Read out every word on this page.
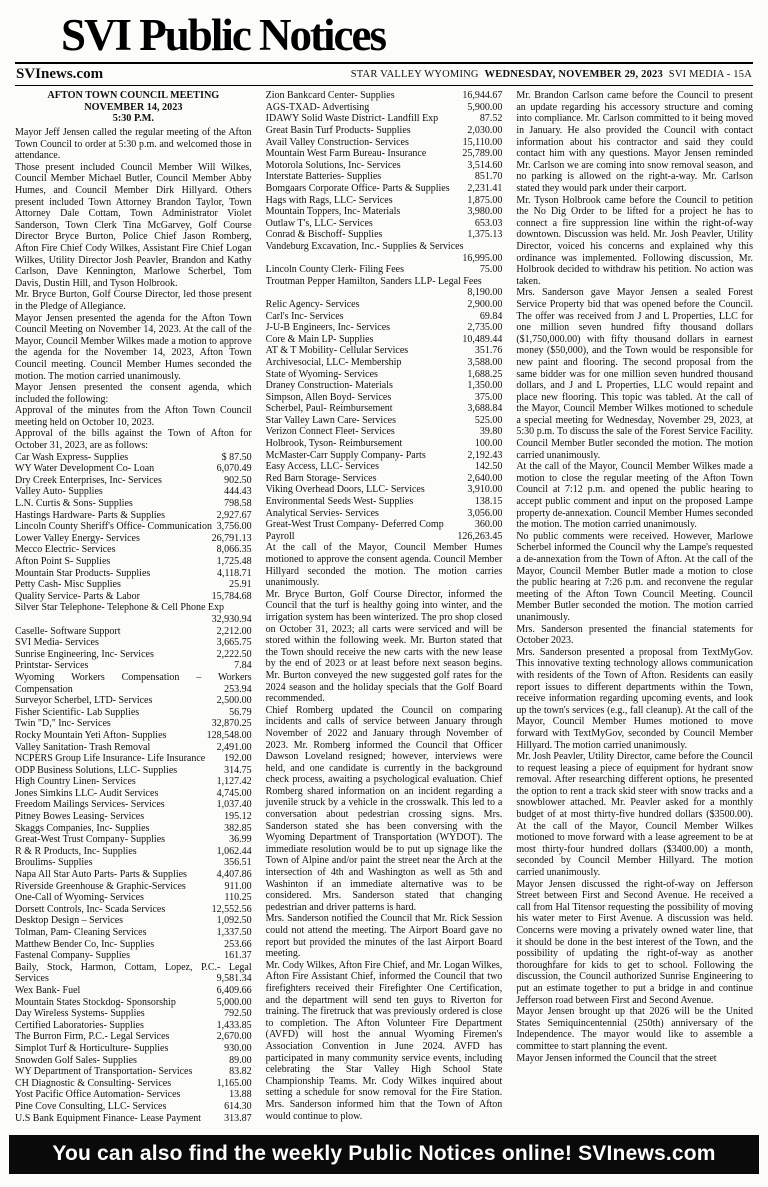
SVI Public Notices
SVInews.com	STAR VALLEY WYOMING WEDNESDAY, NOVEMBER 29, 2023 SVI MEDIA - 15A
AFTON TOWN COUNCIL MEETING
NOVEMBER 14, 2023
5:30 P.M.

Mayor Jeff Jensen called the regular meeting of the Afton Town Council to order at 5:30 p.m. and welcomed those in attendance.

Those present included Council Member Will Wilkes, Council Member Michael Butler, Council Member Abby Humes, and Council Member Dirk Hillyard. Others present included Town Attorney Brandon Taylor, Town Attorney Dale Cottam, Town Administrator Violet Sanderson, Town Clerk Tina McGarvey, Golf Course Director Bryce Burton, Police Chief Jason Romberg, Afton Fire Chief Cody Wilkes, Assistant Fire Chief Logan Wilkes, Utility Director Josh Peavler, Brandon and Kathy Carlson, Dave Kennington, Marlowe Scherbel, Tom Davis, Dustin Hill, and Tyson Holbrook.

Mr. Bryce Burton, Golf Course Director, led those present in the Pledge of Allegiance.

Mayor Jensen presented the agenda for the Afton Town Council Meeting on November 14, 2023. At the call of the Mayor, Council Member Wilkes made a motion to approve the agenda for the November 14, 2023, Afton Town Council meeting. Council Member Humes seconded the motion. The motion carried unanimously.

Mayor Jensen presented the consent agenda, which included the following:

Approval of the minutes from the Afton Town Council meeting held on October 10, 2023.

Approval of the bills against the Town of Afton for October 31, 2023, are as follows:

Car Wash Express- Supplies	$ 87.50
WY Water Development Co- Loan	6,070.49
Dry Creek Enterprises, Inc- Services	902.50
Valley Auto- Supplies	444.43
L.N. Curtis & Sons- Supplies	798.58
Hastings Hardware- Parts & Supplies	2,927.67
Lincoln County Sheriff's Office- Communication 3,756.00
Lower Valley Energy- Services	26,791.13
Mecco Electric- Services	8,066.35
Afton Point S- Supplies	1,725.48
Mountain Star Products- Supplies	4,118.71
Petty Cash- Misc Supplies	25.91
Quality Service- Parts & Labor	15,784.68
Silver Star Telephone- Telephone & Cell Phone Exp
32,930.94
Caselle- Software Support	2,212.00
SVI Media- Services	3,665.75
Sunrise Engineering, Inc- Services	2,222.50
Printstar- Services	7.84
Wyoming Workers Compensation – Workers Compensation	253.94
Surveyor Scherbel, LTD- Services	2,500.00
Fisher Scientific- Lab Supplies	56.79
Twin "D," Inc- Services	32,870.25
Rocky Mountain Yeti Afton- Supplies	128,548.00
Valley Sanitation- Trash Removal	2,491.00
NCPERS Group Life Insurance- Life Insurance 192.00
ODP Business Solutions, LLC- Supplies	314.75
High Country Linen- Services	1,127.42
Jones Simkins LLC- Audit Services	4,745.00
Freedom Mailings Services- Services	1,037.40
Pitney Bowes Leasing- Services	195.12
Skaggs Companies, Inc- Supplies	382.85
Great-West Trust Company- Supplies	36.99
R & R Products, Inc- Supplies	1,062.44
Broulims- Supplies	356.51
Napa All Star Auto Parts- Parts & Supplies	4,407.86
Riverside Greenhouse & Graphic-Services	911.00
One-Call of Wyoming- Services	110.25
Dorsett Controls, Inc- Scada Services	12,552.56
Desktop Design – Services	1,092.50
Tolman, Pam- Cleaning Services	1,337.50
Matthew Bender Co, Inc- Supplies	253.66
Fastenal Company- Supplies	161.37
Baily, Stock, Harmon, Cottam, Lopez, P.C.- Legal Services	9,581.34
Wex Bank- Fuel	6,409.66
Mountain States Stockdog- Sponsorship	5,000.00
Day Wireless Systems- Supplies	792.50
Certified Laboratories- Supplies	1,433.85
The Burron Firm, P.C.- Legal Services	2,670.00
Simplot Turf & Horticulture- Supplies	930.00
Snowden Golf Sales- Supplies	89.00
WY Department of Transportation- Services	83.82
CH Diagnostic & Consulting- Services	1,165.00
Yost Pacific Office Automation- Services	13.88
Pine Cove Consulting, LLC- Services	614.30
U.S Bank Equipment Finance- Lease Payment 313.87
Zion Bankcard Center- Supplies	16,944.67
AGS-TXAD- Advertising	5,900.00
IDAWY Solid Waste District- Landfill Exp	87.52
Great Basin Turf Products- Supplies	2,030.00
Avail Valley Construction- Services	15,110.00
Mountain West Farm Bureau- Insurance	25,789.00
Motorola Solutions, Inc- Services	3,514.60
Interstate Batteries- Supplies	851.70
Bomgaars Corporate Office- Parts & Supplies 2,231.41
Hags with Rags, LLC- Services	1,875.00
Mountain Toppers, Inc- Materials	3,980.00
Outlaw T's, LLC- Services	653.03
Conrad & Bischoff- Supplies	1,375.13
Vandeburg Excavation, Inc.- Supplies & Services
16,995.00
Lincoln County Clerk- Filing Fees	75.00
Troutman Pepper Hamilton, Sanders LLP- Legal Fees
8,190.00
Relic Agency- Services	2,900.00
Carl's Inc- Services	69.84
J-U-B Engineers, Inc- Services	2,735.00
Core & Main LP- Supplies	10,489.44
AT & T Mobility- Cellular Services	351.76
Archivesocial, LLC- Membership	3,588.00
State of Wyoming- Services	1,688.25
Draney Construction- Materials	1,350.00
Simpson, Allen Boyd- Services	375.00
Scherbel, Paul- Reimbursement	3,688.84
Star Valley Lawn Care- Services	525.00
Verizon Connect Fleet- Services	39.80
Holbrook, Tyson- Reimbursement	100.00
McMaster-Carr Supply Company- Parts	2,192.43
Easy Access, LLC- Services	142.50
Red Barn Storage- Services	2,640.00
Viking Overhead Doors, LLC- Services	3,910.00
Environmental Seeds West- Supplies	138.15
Analytical Servies- Services	3,056.00
Great-West Trust Company- Deferred Comp	360.00
Payroll	126,263.45

At the call of the Mayor, Council Member Humes motioned to approve the consent agenda. Council Member Hillyard seconded the motion. The motion carries unanimously.

Mr. Bryce Burton, Golf Course Director, informed the Council that the turf is healthy going into winter, and the irrigation system has been winterized. The pro shop closed on October 31, 2023; all carts were serviced and will be stored within the following week. Mr. Burton stated that the Town should receive the new carts with the new lease by the end of 2023 or at least before next season begins. Mr. Burton conveyed the new suggested golf rates for the 2024 season and the holiday specials that the Golf Board recommended.

Chief Romberg updated the Council on comparing incidents and calls of service between January through November of 2022 and January through November of 2023. Mr. Romberg informed the Council that Officer Dawson Loveland resigned; however, interviews were held, and one candidate is currently in the background check process, awaiting a psychological evaluation. Chief Romberg shared information on an incident regarding a juvenile struck by a vehicle in the crosswalk. This led to a conversation about pedestrian crossing signs. Mrs. Sanderson stated she has been conversing with the Wyoming Department of Transportation (WYDOT). The immediate resolution would be to put up signage like the Town of Alpine and/or paint the street near the Arch at the intersection of 4th and Washington as well as 5th and Washinton if an immediate alternative was to be considered. Mrs. Sanderson stated that changing pedestrian and driver patterns is hard.

Mrs. Sanderson notified the Council that Mr. Rick Session could not attend the meeting. The Airport Board gave no report but provided the minutes of the last Airport Board meeting.

Mr. Cody Wilkes, Afton Fire Chief, and Mr. Logan Wilkes, Afton Fire Assistant Chief, informed the Council that two firefighters received their Firefighter One Certification, and the department will send ten guys to Riverton for training. The firetruck that was previously ordered is close to completion. The Afton Volunteer Fire Department (AVFD) will host the annual Wyoming Firemen's Association Convention in June 2024. AVFD has participated in many community service events, including celebrating the Star Valley High School State Championship Teams. Mr. Cody Wilkes inquired about setting a schedule for snow removal for the Fire Station. Mrs. Sanderson informed him that the Town of Afton would continue to plow.

Mr. Brandon Carlson came before the Council to present an update regarding his accessory structure and coming into compliance. Mr. Carlson committed to it being moved in January. He also provided the Council with contact information about his contractor and said they could contact him with any questions. Mayor Jensen reminded Mr. Carlson we are coming into snow removal season, and no parking is allowed on the right-a-way. Mr. Carlson stated they would park under their carport.

Mr. Tyson Holbrook came before the Council to petition the No Dig Order to be lifted for a project he has to connect a fire suppression line within the right-of-way downtown. Discussion was held. Mr. Josh Peavler, Utility Director, voiced his concerns and explained why this ordinance was implemented. Following discussion, Mr. Holbrook decided to withdraw his petition. No action was taken.

Mrs. Sanderson gave Mayor Jensen a sealed Forest Service Property bid that was opened before the Council. The offer was received from J and L Properties, LLC for one million seven hundred fifty thousand dollars ($1,750,000.00) with fifty thousand dollars in earnest money ($50,000), and the Town would be responsible for new paint and flooring. The second proposal from the same bidder was for one million seven hundred thousand dollars, and J and L Properties, LLC would repaint and place new flooring. This topic was tabled. At the call of the Mayor, Council Member Wilkes motioned to schedule a special meeting for Wednesday, November 29, 2023, at 5:30 p.m. To discuss the sale of the Forest Service Facility. Council Member Butler seconded the motion. The motion carried unanimously.

At the call of the Mayor, Council Member Wilkes made a motion to close the regular meeting of the Afton Town Council at 7:12 p.m. and opened the public hearing to accept public comment and input on the proposed Lampe property de-annexation. Council Member Humes seconded the motion. The motion carried unanimously.

No public comments were received. However, Marlowe Scherbel informed the Council why the Lampe's requested a de-annexation from the Town of Afton. At the call of the Mayor, Council Member Butler made a motion to close the public hearing at 7:26 p.m. and reconvene the regular meeting of the Afton Town Council Meeting. Council Member Butler seconded the motion. The motion carried unanimously.

Mrs. Sanderson presented the financial statements for October 2023.

Mrs. Sanderson presented a proposal from TextMyGov. This innovative texting technology allows communication with residents of the Town of Afton. Residents can easily report issues to different departments within the Town, receive information regarding upcoming events, and look up the town's services (e.g., fall cleanup). At the call of the Mayor, Council Member Humes motioned to move forward with TextMyGov, seconded by Council Member Hillyard. The motion carried unanimously.

Mr. Josh Peavler, Utility Director, came before the Council to request leasing a piece of equipment for hydrant snow removal. After researching different options, he presented the option to rent a track skid steer with snow tracks and a snowblower attached. Mr. Peavler asked for a monthly budget of at most thirty-five hundred dollars ($3500.00). At the call of the Mayor, Council Member Wilkes motioned to move forward with a lease agreement to be at most thirty-four hundred dollars ($3400.00) a month, seconded by Council Member Hillyard. The motion carried unanimously.

Mayor Jensen discussed the right-of-way on Jefferson Street between First and Second Avenue. He received a call from Hal Titensor requesting the possibility of moving his water meter to First Avenue. A discussion was held. Concerns were moving a privately owned water line, that it should be done in the best interest of the Town, and the possibility of updating the right-of-way as another thoroughfare for kids to get to school. Following the discussion, the Council authorized Sunrise Engineering to put an estimate together to put a bridge in and continue Jefferson road between First and Second Avenue.

Mayor Jensen brought up that 2026 will be the United States Semiquincentennial (250th) anniversary of the Independence. The mayor would like to assemble a committee to start planning the event.

Mayor Jensen informed the Council that the street

You can also find the weekly Public Notices online! SVInews.com
